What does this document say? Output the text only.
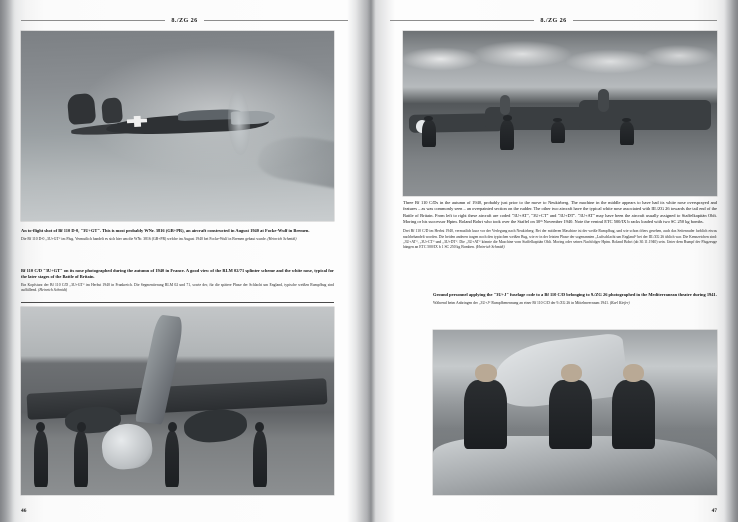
8./ZG 26
An to-flight shot of Bf 110 D-0, "3U+GT". This is most probably WNr. 3816 (GB+PR), an aircraft constructed in August 1940 at Focke-Wulf in Bremen.
Die Bf 110 D-0 „3U+GT“ im Flug. Vermutlich handelt es sich hier um die WNr. 3816 (GB+PR) welche im August 1940 bei Focke-Wulf in Bremen gebaut wurde. (Heinrich Schmidt)
Bf 110 C/D "3U+GT" on its nose photographed during the autumn of 1940 in France. A good view of the RLM 02/71 splinter scheme and the white nose, typical for the later stages of the Battle of Britain.
Ein Kopfsturz der Bf 110 C/D „3U+GT“ im Herbst 1940 in Frankreich. Die Segmentierung RLM 02 und 71, sowie der, für die spätere Phase der Schlacht um England, typische weißen Rumpfbug sind auffällend. (Heinrich Schmidt)
46
8./ZG 26
Three Bf 110 C/Ds in the autumn of 1940, probably just prior to the move to Neukirberg. The machine in the middle appears to have had its white nose oversprayed and features – as was commonly seen – an overpainted section on the rudder. The other two aircraft have the typical white nose associated with III./ZG 26 towards the tail end of the Battle of Britain. From left to right these aircraft are coded "3U+AT", "3U+CT" and "3U+DT". "3U+AT" may have been the aircraft usually assigned to Staffelkapitän Oblt. Moring or his successor Hptm. Roland Bohrt who took over the Staffel on 30ᵗʰ November 1940. Note the ventral ETC 500/IX b racks loaded with two SC 250 kg bombs.
Drei Bf 110 C/D im Herbst 1940, vermutlich kurz vor der Verlegung nach Neukirberg. Bei der mittleren Maschine ist der weiße Rumpfbug, und wie schon öfters gesehen, auch das Seitenruder farblich etwas nachbehandelt worden. Die beiden anderen tragen noch den typischen weißen Bug, wie er in der letzten Phase der sogenannten „Luftschlacht um England“ bei der III./ZG 26 üblich war. Die Kennzeichen sind: „3U+AT“, „3U+CT“ und „3U+DT“. Die „3U+AT“ könnte die Maschine vom Staffelkapitän Oblt. Moring oder seines Nachfolger Hptm. Roland Bohrt (ab 30.11.1940) sein. Unter dem Rumpf der Flugzeuge hängen an ETC 500/IX b 1 SC 250 kg Bomben. (Heinrich Schmidt)
Ground personnel applying the "3U+J" fuselage code to a Bf 110 C/D belonging to 9./ZG 26 photographed in the Mediterranean theatre during 1941.
Während beim Anbringen der „3U+J“ Rumpfbenennung an einer Bf 110 C/D der 9./ZG 26 in Mittelmeerraum 1941. (Karl Kiefer)
47
